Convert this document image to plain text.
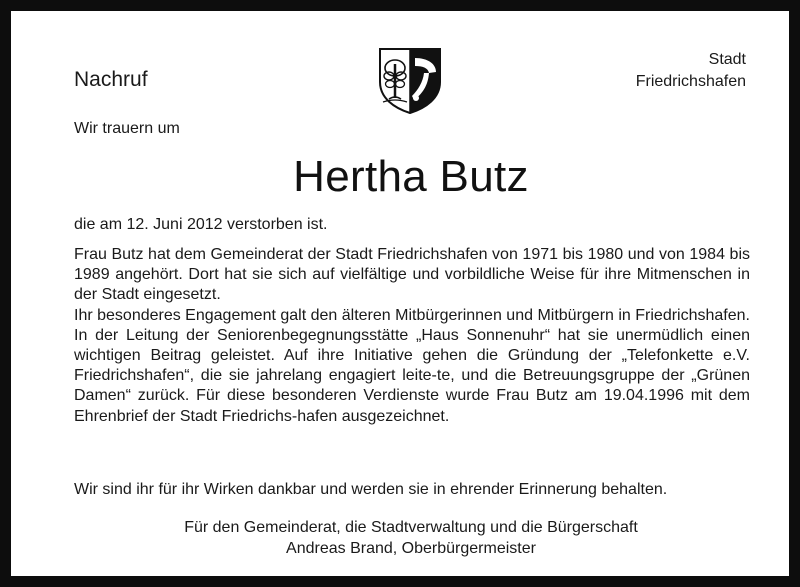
Nachruf
Stadt
Friedrichshafen
Wir trauern um
Hertha Butz
die am 12. Juni 2012 verstorben ist.

Frau Butz hat dem Gemeinderat der Stadt Friedrichshafen von 1971 bis 1980 und von 1984 bis 1989 angehört. Dort hat sie sich auf vielfältige und vorbildliche Weise für ihre Mitmenschen in der Stadt eingesetzt.

Ihr besonderes Engagement galt den älteren Mitbürgerinnen und Mitbürgern in Friedrichshafen. In der Leitung der Seniorenbegegnungsstätte „Haus Sonnenuhr“ hat sie unermüdlich einen wichtigen Beitrag geleistet. Auf ihre Initiative gehen die Gründung der „Telefonkette e.V. Friedrichshafen“, die sie jahrelang engagiert leite-te, und die Betreuungsgruppe der „Grünen Damen“ zurück. Für diese besonderen Verdienste wurde Frau Butz am 19.04.1996 mit dem Ehrenbrief der Stadt Friedrichs-hafen ausgezeichnet.

Wir sind ihr für ihr Wirken dankbar und werden sie in ehrender Erinnerung behalten.
Für den Gemeinderat, die Stadtverwaltung und die Bürgerschaft
Andreas Brand, Oberbürgermeister
